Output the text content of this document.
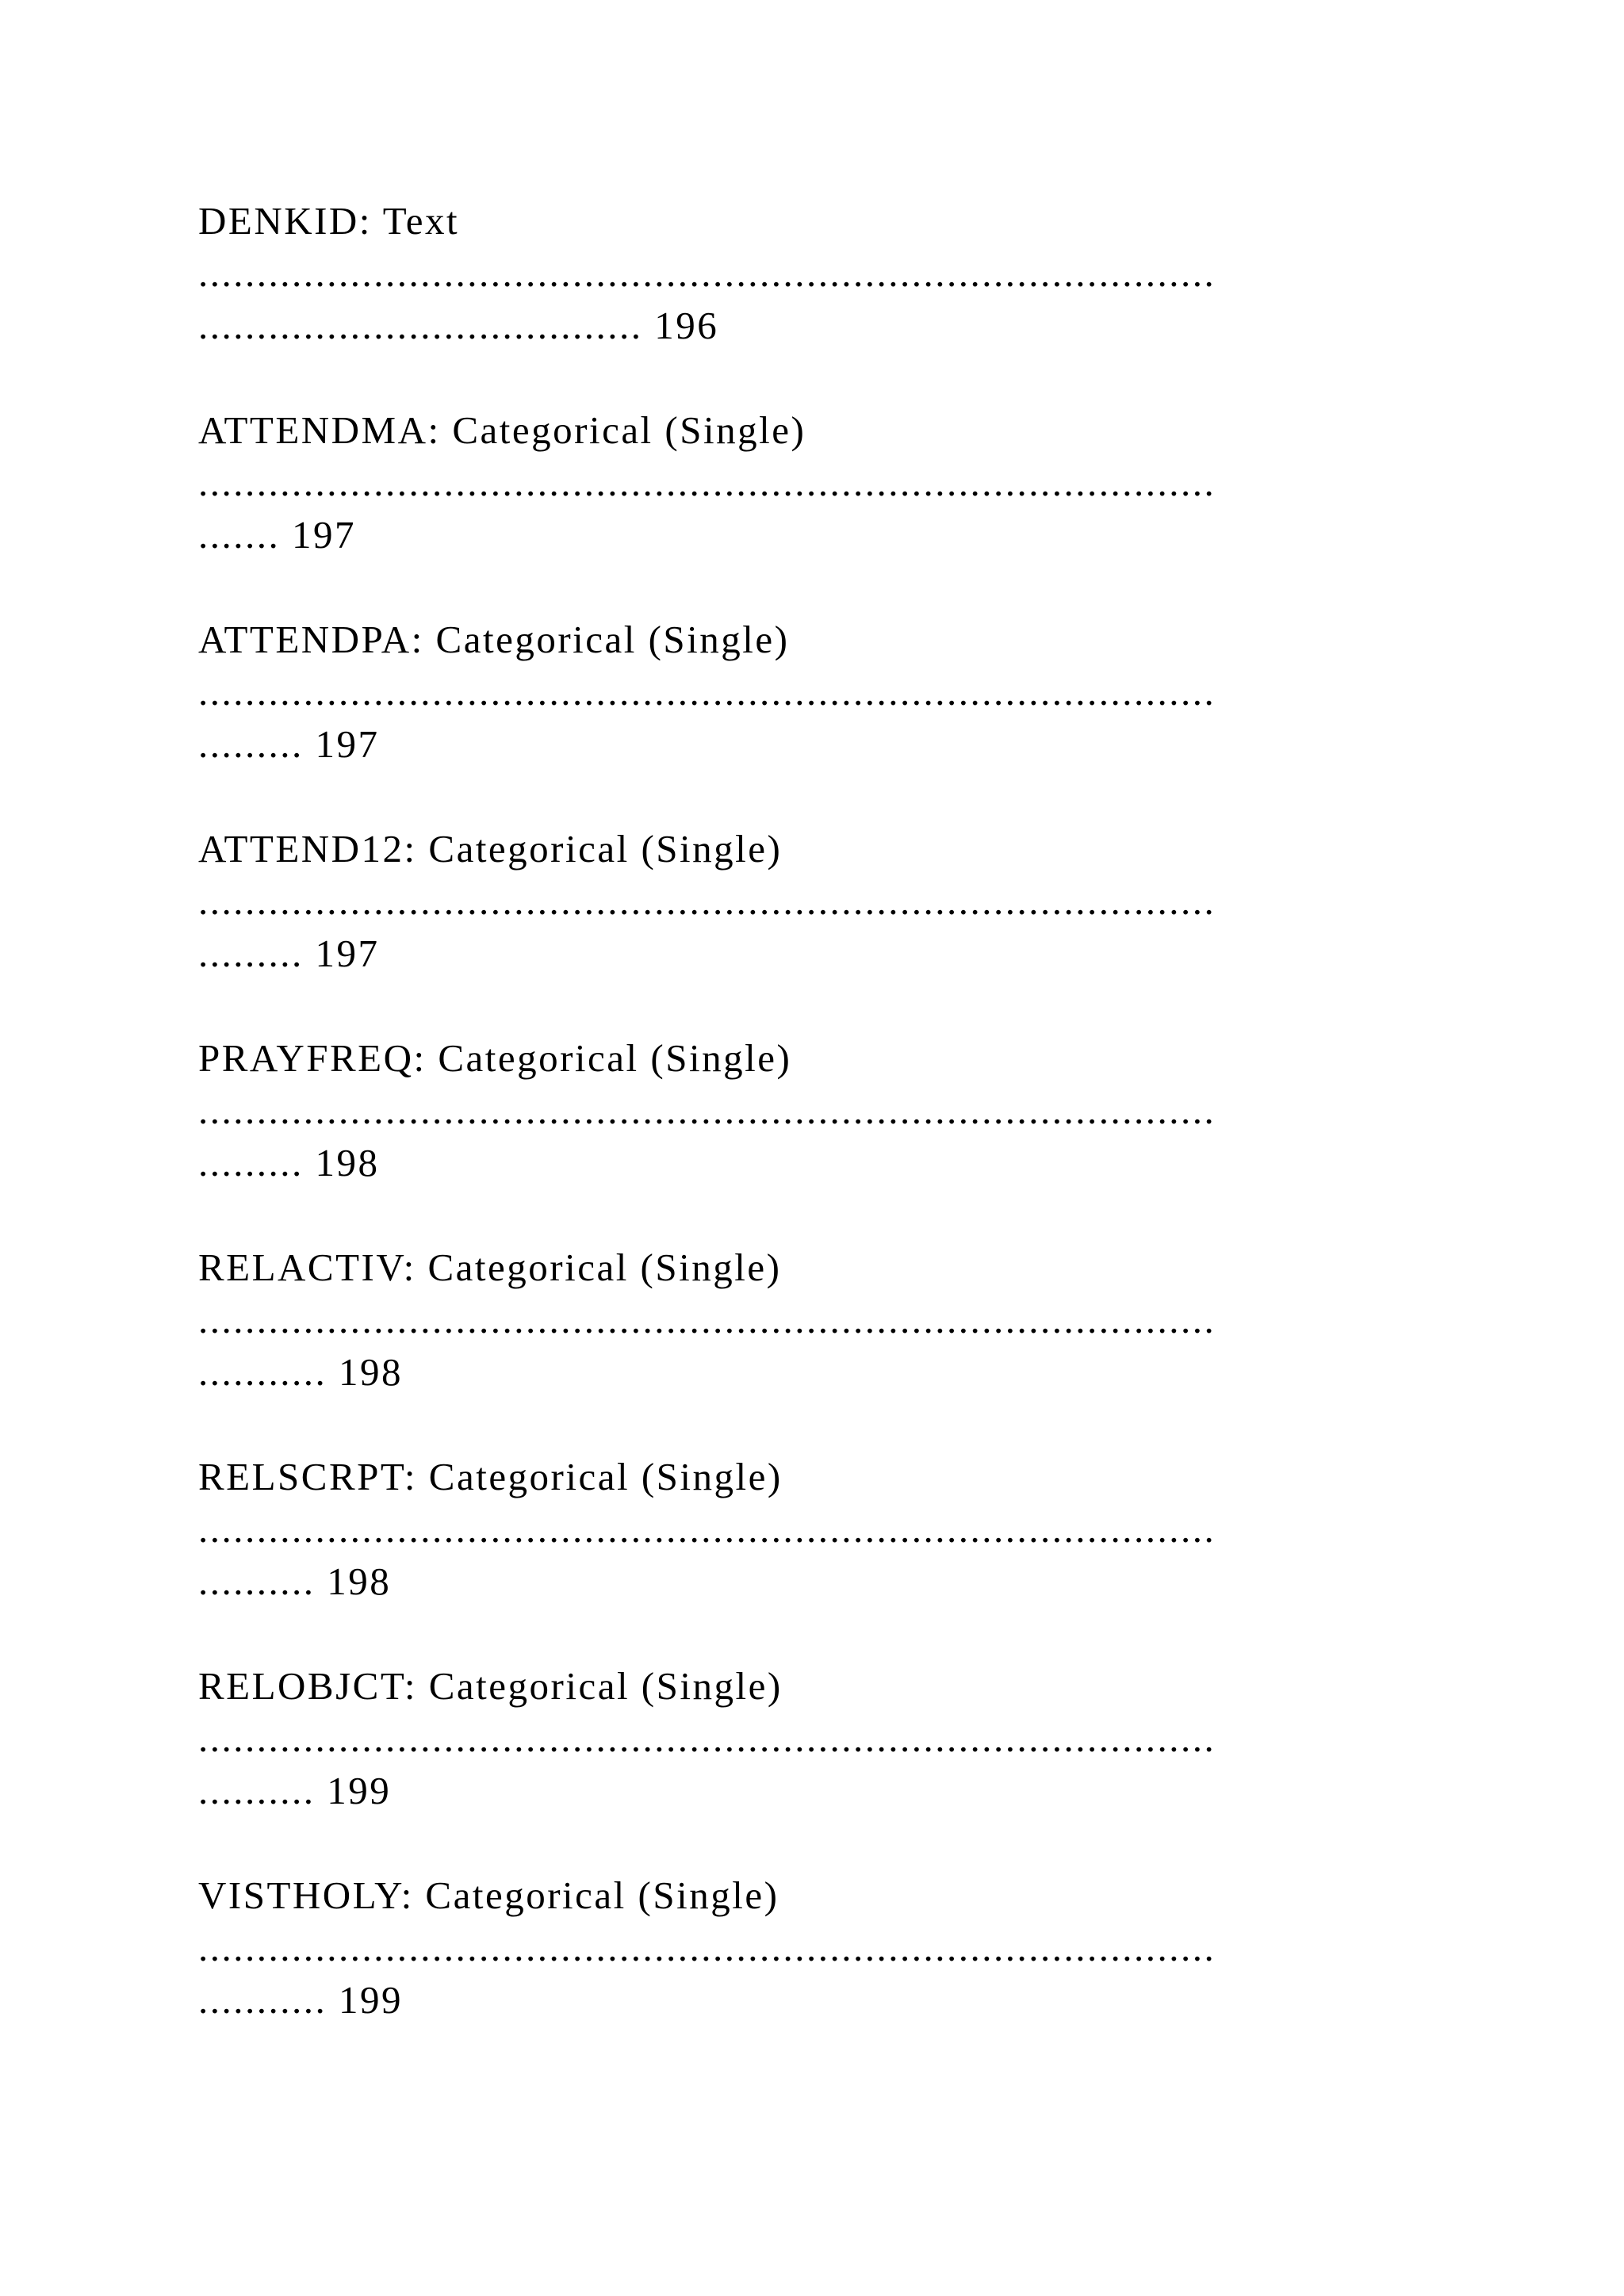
DENKID: Text
.......................................................................................
...................................... 196
ATTENDMA: Categorical (Single)
.......................................................................................
....... 197
ATTENDPA: Categorical (Single)
.......................................................................................
......... 197
ATTEND12: Categorical (Single)
.......................................................................................
......... 197
PRAYFREQ: Categorical (Single)
.......................................................................................
......... 198
RELACTIV: Categorical (Single)
.......................................................................................
........... 198
RELSCRPT: Categorical (Single)
.......................................................................................
.......... 198
RELOBJCT: Categorical (Single)
.......................................................................................
.......... 199
VISTHOLY: Categorical (Single)
.......................................................................................
........... 199
